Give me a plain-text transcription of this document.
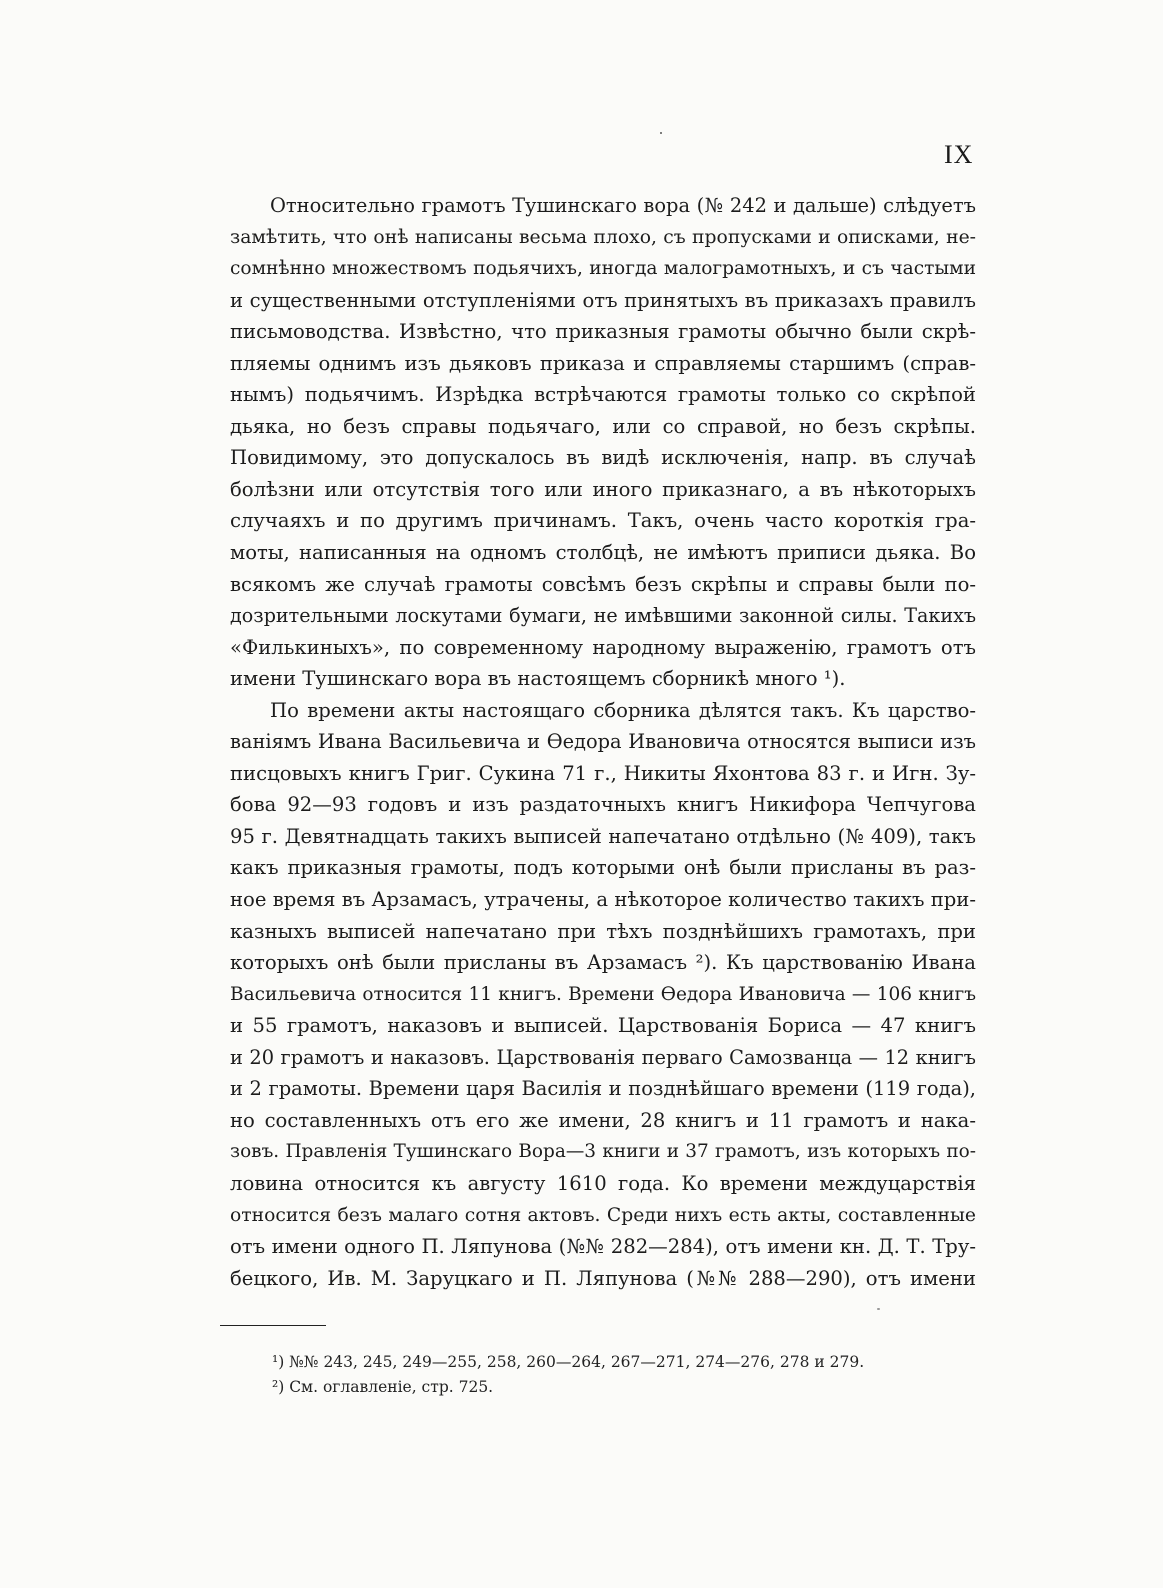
IX
Относительно грамотъ Тушинскаго вора (№ 242 и дальше) слѣдуетъ
замѣтить, что онѣ написаны весьма плохо, съ пропусками и описками, не-
сомнѣнно множествомъ подьячихъ, иногда малограмотныхъ, и съ частыми
и существенными отступленіями отъ принятыхъ въ приказахъ правилъ
письмоводства. Извѣстно, что приказныя грамоты обычно были скрѣ-
пляемы однимъ изъ дьяковъ приказа и справляемы старшимъ (справ-
нымъ) подьячимъ. Изрѣдка встрѣчаются грамоты только со скрѣпой
дьяка, но безъ справы подьячаго, или со справой, но безъ скрѣпы.
Повидимому, это допускалось въ видѣ исключенія, напр. въ случаѣ
болѣзни или отсутствія того или иного приказнаго, а въ нѣкоторыхъ
случаяхъ и по другимъ причинамъ. Такъ, очень часто короткія гра-
моты, написанныя на одномъ столбцѣ, не имѣютъ приписи дьяка. Во
всякомъ же случаѣ грамоты совсѣмъ безъ скрѣпы и справы были по-
дозрительными лоскутами бумаги, не имѣвшими законной силы. Такихъ
«Филькиныхъ», по современному народному выраженію, грамотъ отъ
имени Тушинскаго вора въ настоящемъ сборникѣ много ¹).
По времени акты настоящаго сборника дѣлятся такъ. Къ царство-
ваніямъ Ивана Васильевича и Ѳедора Ивановича относятся выписи изъ
писцовыхъ книгъ Григ. Сукина 71 г., Никиты Яхонтова 83 г. и Игн. Зу-
бова 92—93 годовъ и изъ раздаточныхъ книгъ Никифора Чепчугова
95 г. Девятнадцать такихъ выписей напечатано отдѣльно (№ 409), такъ
какъ приказныя грамоты, подъ которыми онѣ были присланы въ раз-
ное время въ Арзамасъ, утрачены, а нѣкоторое количество такихъ при-
казныхъ выписей напечатано при тѣхъ позднѣйшихъ грамотахъ, при
которыхъ онѣ были присланы въ Арзамасъ ²). Къ царствованію Ивана
Васильевича относится 11 книгъ. Времени Ѳедора Ивановича — 106 книгъ
и 55 грамотъ, наказовъ и выписей. Царствованія Бориса — 47 книгъ
и 20 грамотъ и наказовъ. Царствованія перваго Самозванца — 12 книгъ
и 2 грамоты. Времени царя Василія и позднѣйшаго времени (119 года),
но составленныхъ отъ его же имени, 28 книгъ и 11 грамотъ и нака-
зовъ. Правленія Тушинскаго Вора—3 книги и 37 грамотъ, изъ которыхъ по-
ловина относится къ августу 1610 года. Ко времени междуцарствія
относится безъ малаго сотня актовъ. Среди нихъ есть акты, составленные
отъ имени одного П. Ляпунова (№№ 282—284), отъ имени кн. Д. Т. Тру-
бецкого, Ив. М. Заруцкаго и П. Ляпунова (№№ 288—290), отъ имени
¹) №№ 243, 245, 249—255, 258, 260—264, 267—271, 274—276, 278 и 279.
²) См. оглавленіе, стр. 725.
